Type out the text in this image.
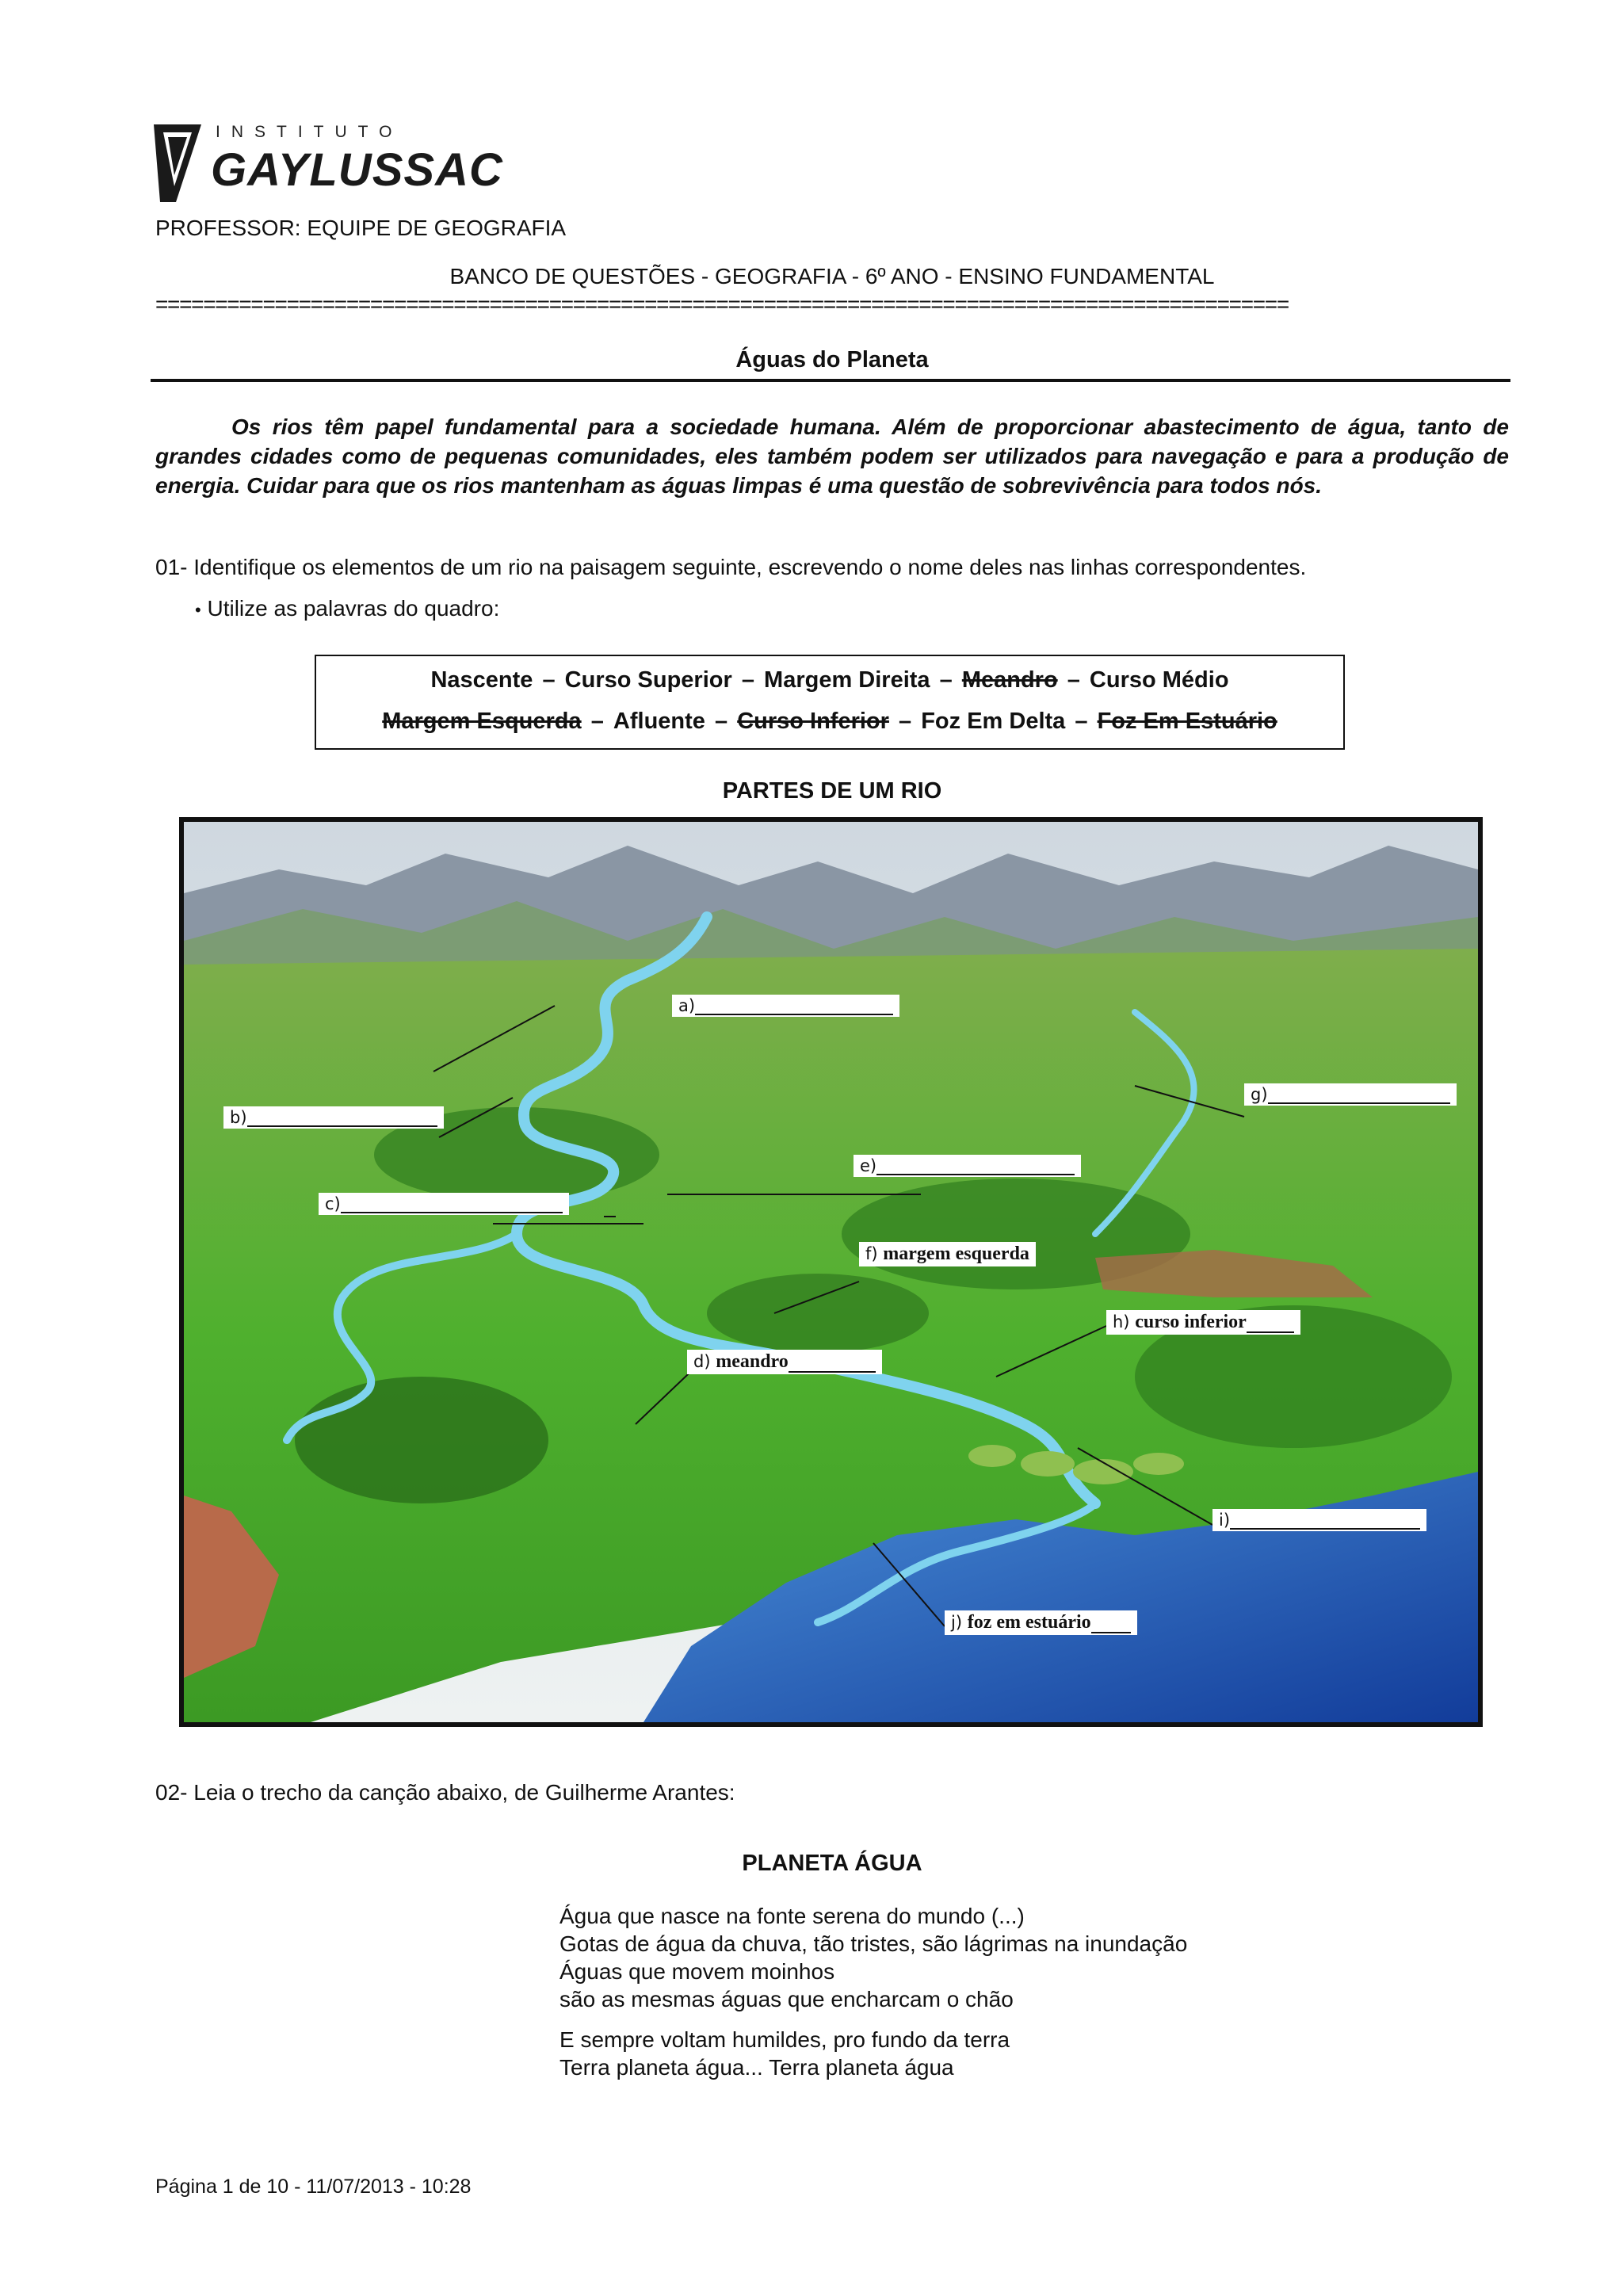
INSTITUTO
GAYLUSSAC
PROFESSOR: EQUIPE DE GEOGRAFIA
BANCO DE QUESTÕES - GEOGRAFIA - 6º ANO - ENSINO FUNDAMENTAL
===============================================================================================
Águas do Planeta

Os rios têm papel fundamental para a sociedade humana. Além de proporcionar abastecimento de água, tanto de grandes cidades como de pequenas comunidades, eles também podem ser utilizados para navegação e para a produção de energia. Cuidar para que os rios mantenham as águas limpas é uma questão de sobrevivência para todos nós.

01- Identifique os elementos de um rio na paisagem seguinte, escrevendo o nome deles nas linhas correspondentes.
• Utilize as palavras do quadro:
Nascente – Curso Superior – Margem Direita – Meandro – Curso Médio
Margem Esquerda – Afluente – Curso Inferior – Foz Em Delta – Foz Em Estuário
PARTES DE UM RIO
a)
b)
c)
e)
f) margem esquerda
d) meandro
g)
h) curso inferior
i)
j) foz em estuário
02- Leia o trecho da canção abaixo, de Guilherme Arantes:
PLANETA ÁGUA
Água que nasce na fonte serena do mundo (...)
Gotas de água da chuva, tão tristes, são lágrimas na inundação
Águas que movem moinhos
são as mesmas águas que encharcam o chão
E sempre voltam humildes, pro fundo da terra
Terra planeta água... Terra planeta água
Página 1 de 10 - 11/07/2013 - 10:28
